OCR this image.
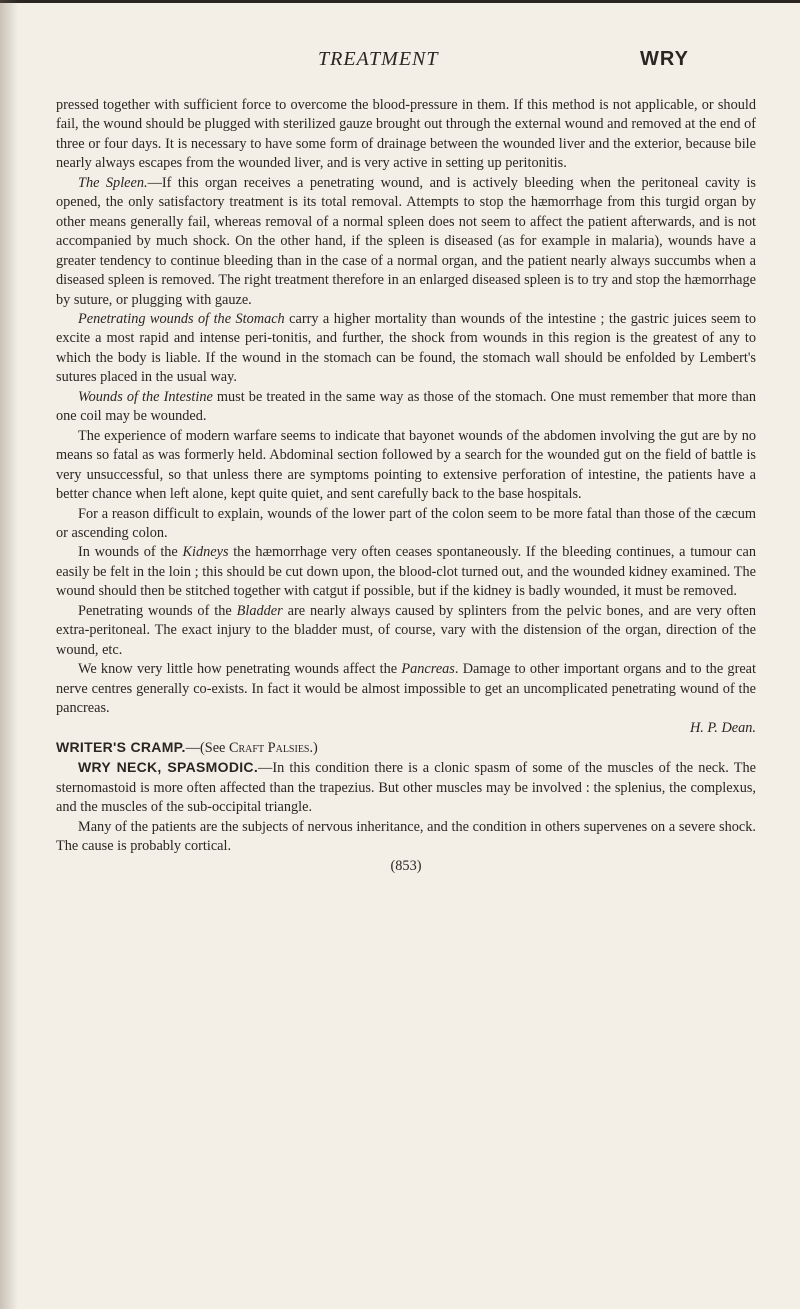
TREATMENT	WRY

pressed together with sufficient force to overcome the blood-pressure in them. If this method is not applicable, or should fail, the wound should be plugged with sterilized gauze brought out through the external wound and removed at the end of three or four days. It is necessary to have some form of drainage between the wounded liver and the exterior, because bile nearly always escapes from the wounded liver, and is very active in setting up peritonitis.

The Spleen.—If this organ receives a penetrating wound, and is actively bleeding when the peritoneal cavity is opened, the only satisfactory treatment is its total removal. Attempts to stop the hæmorrhage from this turgid organ by other means generally fail, whereas removal of a normal spleen does not seem to affect the patient afterwards, and is not accompanied by much shock. On the other hand, if the spleen is diseased (as for example in malaria), wounds have a greater tendency to continue bleeding than in the case of a normal organ, and the patient nearly always succumbs when a diseased spleen is removed. The right treatment therefore in an enlarged diseased spleen is to try and stop the hæmorrhage by suture, or plugging with gauze.

Penetrating wounds of the Stomach carry a higher mortality than wounds of the intestine ; the gastric juices seem to excite a most rapid and intense peri-tonitis, and further, the shock from wounds in this region is the greatest of any to which the body is liable. If the wound in the stomach can be found, the stomach wall should be enfolded by Lembert's sutures placed in the usual way.

Wounds of the Intestine must be treated in the same way as those of the stomach. One must remember that more than one coil may be wounded.

The experience of modern warfare seems to indicate that bayonet wounds of the abdomen involving the gut are by no means so fatal as was formerly held. Abdominal section followed by a search for the wounded gut on the field of battle is very unsuccessful, so that unless there are symptoms pointing to extensive perforation of intestine, the patients have a better chance when left alone, kept quite quiet, and sent carefully back to the base hospitals.

For a reason difficult to explain, wounds of the lower part of the colon seem to be more fatal than those of the cæcum or ascending colon.

In wounds of the Kidneys the hæmorrhage very often ceases spontaneously. If the bleeding continues, a tumour can easily be felt in the loin ; this should be cut down upon, the blood-clot turned out, and the wounded kidney examined. The wound should then be stitched together with catgut if possible, but if the kidney is badly wounded, it must be removed.

Penetrating wounds of the Bladder are nearly always caused by splinters from the pelvic bones, and are very often extra-peritoneal. The exact injury to the bladder must, of course, vary with the distension of the organ, direction of the wound, etc.

We know very little how penetrating wounds affect the Pancreas. Damage to other important organs and to the great nerve centres generally co-exists. In fact it would be almost impossible to get an uncomplicated penetrating wound of the pancreas.

H. P. Dean.

WRITER'S CRAMP.—(See Craft Palsies.)

WRY NECK, SPASMODIC.—In this condition there is a clonic spasm of some of the muscles of the neck. The sternomastoid is more often affected than the trapezius. But other muscles may be involved : the splenius, the complexus, and the muscles of the sub-occipital triangle.

Many of the patients are the subjects of nervous inheritance, and the condition in others supervenes on a severe shock. The cause is probably cortical.

(853)
